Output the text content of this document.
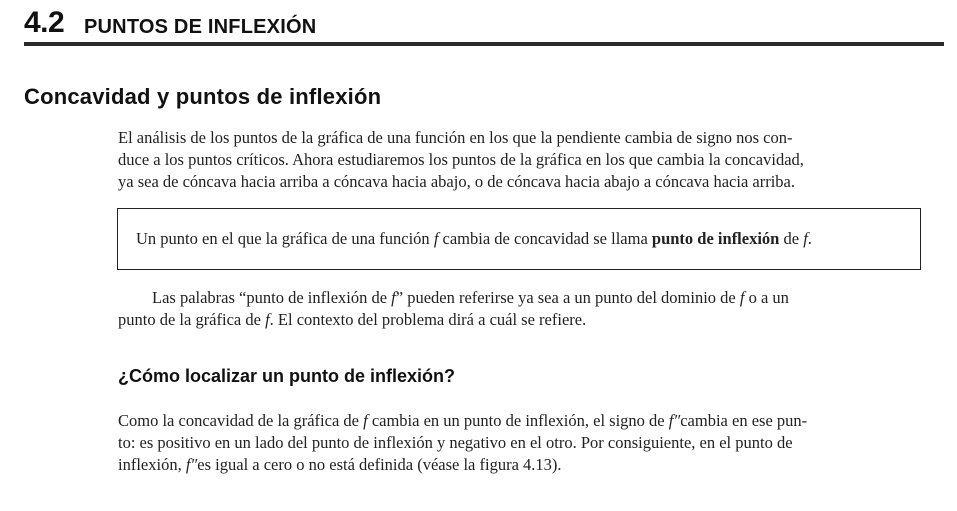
4.2 PUNTOS DE INFLEXIÓN
Concavidad y puntos de inflexión

El análisis de los puntos de la gráfica de una función en los que la pendiente cambia de signo nos con-
duce a los puntos críticos. Ahora estudiaremos los puntos de la gráfica en los que cambia la concavidad,
ya sea de cóncava hacia arriba a cóncava hacia abajo, o de cóncava hacia abajo a cóncava hacia arriba.

Un punto en el que la gráfica de una función f cambia de concavidad se llama punto de inflexión de f.

Las palabras “punto de inflexión de f” pueden referirse ya sea a un punto del dominio de f o a un
punto de la gráfica de f. El contexto del problema dirá a cuál se refiere.

¿Cómo localizar un punto de inflexión?

Como la concavidad de la gráfica de f cambia en un punto de inflexión, el signo de f″cambia en ese pun-
to: es positivo en un lado del punto de inflexión y negativo en el otro. Por consiguiente, en el punto de
inflexión, f″es igual a cero o no está definida (véase la figura 4.13).
